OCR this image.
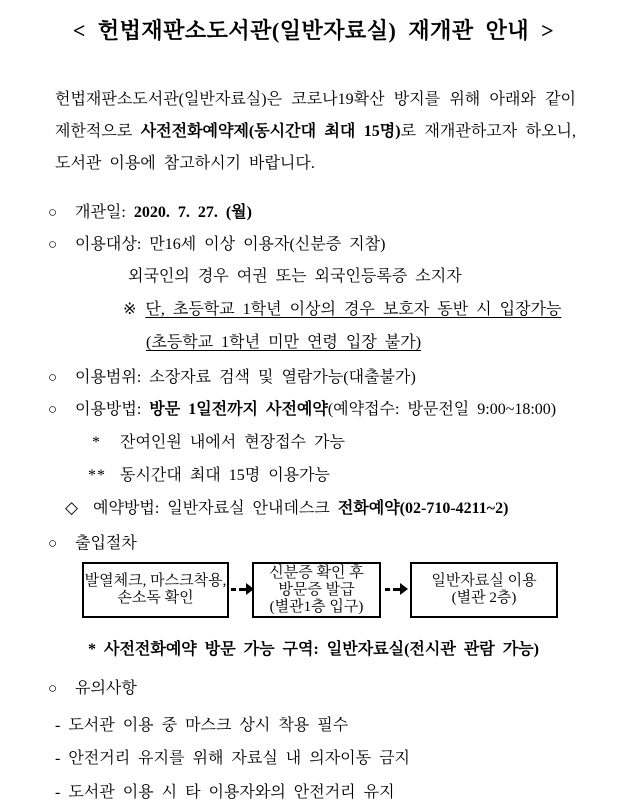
< 헌법재판소도서관(일반자료실) 재개관 안내 >
헌법재판소도서관(일반자료실)은 코로나19확산 방지를 위해 아래와 같이
제한적으로 사전전화예약제(동시간대 최대 15명)로 재개관하고자 하오니,
도서관 이용에 참고하시기 바랍니다.
○ 개관일: 2020. 7. 27. (월)
○ 이용대상: 만16세 이상 이용자(신분증 지참)
외국인의 경우 여권 또는 외국인등록증 소지자
※ 단, 초등학교 1학년 이상의 경우 보호자 동반 시 입장가능
(초등학교 1학년 미만 연령 입장 불가)
○ 이용범위: 소장자료 검색 및 열람가능(대출불가)
○ 이용방법: 방문 1일전까지 사전예약(예약접수: 방문전일 9:00~18:00)
* 잔여인원 내에서 현장접수 가능
** 동시간대 최대 15명 이용가능
◇ 예약방법: 일반자료실 안내데스크 전화예약(02-710-4211~2)
○ 출입절차
발열체크, 마스크착용,
손소독 확인
신분증 확인 후
방문증 발급
(별관1층 입구)
일반자료실 이용
(별관 2층)
* 사전전화예약 방문 가능 구역: 일반자료실(전시관 관람 가능)
○ 유의사항
- 도서관 이용 중 마스크 상시 착용 필수
- 안전거리 유지를 위해 자료실 내 의자이동 금지
- 도서관 이용 시 타 이용자와의 안전거리 유지
